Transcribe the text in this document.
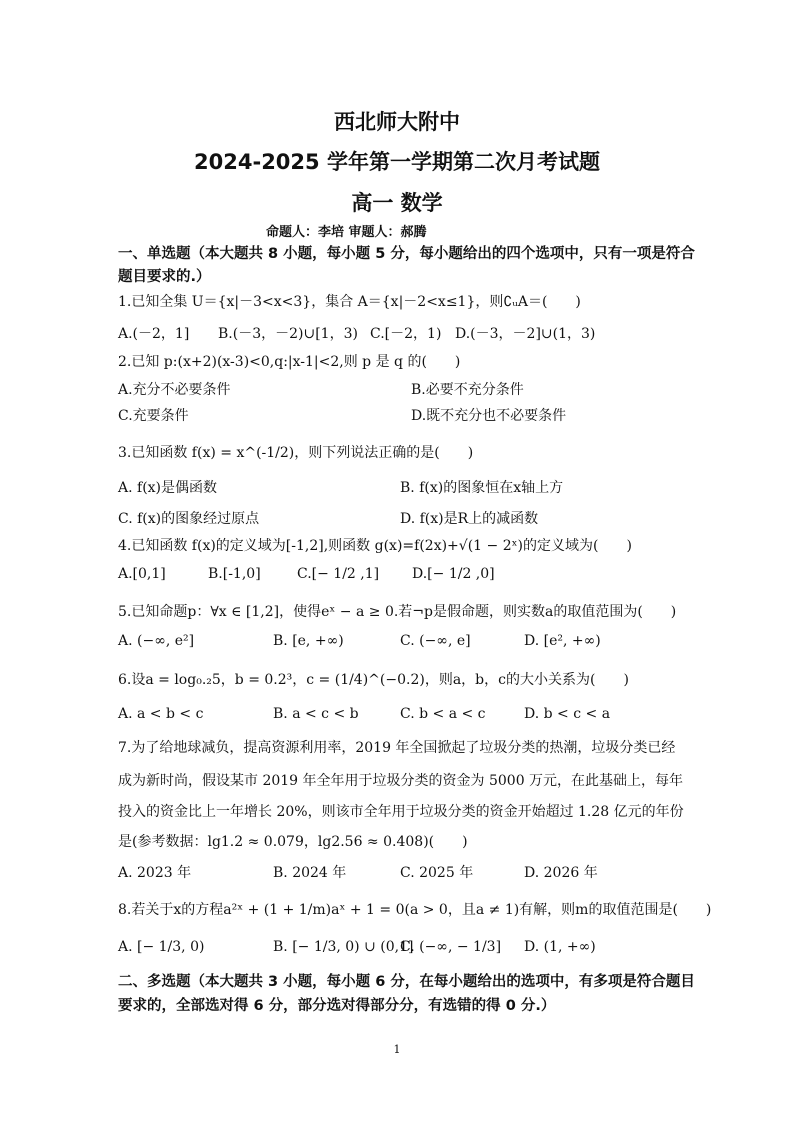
西北师大附中
2024-2025 学年第一学期第二次月考试题
高一 数学
命题人：李培 审题人：郝腾
一、单选题（本大题共 8 小题，每小题 5 分，每小题给出的四个选项中，只有一项是符合
题目要求的.）
1.已知全集 U＝{x|－3<x<3}，集合 A＝{x|－2<x≤1}，则∁ᵤA＝(　　)
A.(－2，1] B.(－3，－2)∪[1，3) C.[－2，1) D.(－3，－2]∪(1，3)
2.已知 p:(x+2)(x-3)<0,q:|x-1|<2,则 p 是 q 的(　　)
A.充分不必要条件	B.必要不充分条件
C.充要条件	D.既不充分也不必要条件
3.已知函数 f(x) = x^(-1/2)，则下列说法正确的是(　　)
A. f(x)是偶函数	B. f(x)的图象恒在x轴上方
C. f(x)的图象经过原点	D. f(x)是R上的减函数
4.已知函数 f(x)的定义域为[-1,2],则函数 g(x)=f(2x)+√(1 − 2ˣ)的定义域为(　　)
A.[0,1]	B.[-1,0]	C.[− 1/2 ,1] D.[− 1/2 ,0]
5.已知命题p：∀x ∈ [1,2]，使得eˣ − a ≥ 0.若¬p是假命题，则实数a的取值范围为(　　)
A. (−∞, e²]	B. [e, +∞)	C. (−∞, e]	D. [e², +∞)
6.设a = log₀.₂5，b = 0.2³，c = (1/4)^(−0.2)，则a，b，c的大小关系为(　　)
A. a < b < c	B. a < c < b	C. b < a < c	D. b < c < a
7.为了给地球减负，提高资源利用率，2019 年全国掀起了垃圾分类的热潮，垃圾分类已经
成为新时尚，假设某市 2019 年全年用于垃圾分类的资金为 5000 万元，在此基础上，每年
投入的资金比上一年增长 20%，则该市全年用于垃圾分类的资金开始超过 1.28 亿元的年份
是(参考数据：lg1.2 ≈ 0.079，lg2.56 ≈ 0.408)(　　)
A. 2023 年	B. 2024 年	C. 2025 年	D. 2026 年
8.若关于x的方程a²ˣ + (1 + 1/m)aˣ + 1 = 0(a > 0，且a ≠ 1)有解，则m的取值范围是(　　)
A. [− 1/3, 0)	B. [− 1/3, 0) ∪ (0,1]
C. (−∞, − 1/3] D. (1, +∞)
二、多选题（本大题共 3 小题，每小题 6 分，在每小题给出的选项中，有多项是符合题目
要求的，全部选对得 6 分，部分选对得部分分，有选错的得 0 分.）
1
